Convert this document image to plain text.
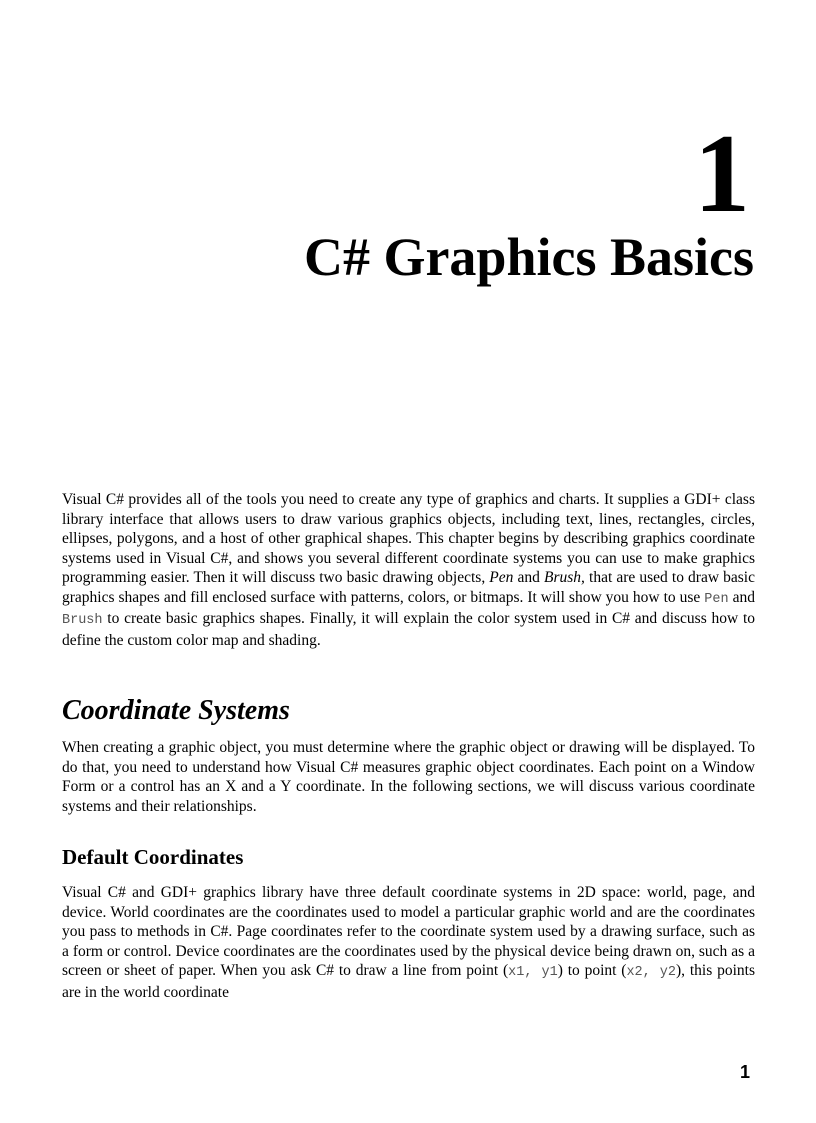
1
C# Graphics Basics

Visual C# provides all of the tools you need to create any type of graphics and charts. It supplies a GDI+ class library interface that allows users to draw various graphics objects, including text, lines, rectangles, circles, ellipses, polygons, and a host of other graphical shapes. This chapter begins by describing graphics coordinate systems used in Visual C#, and shows you several different coordinate systems you can use to make graphics programming easier. Then it will discuss two basic drawing objects, Pen and Brush, that are used to draw basic graphics shapes and fill enclosed surface with patterns, colors, or bitmaps. It will show you how to use Pen and Brush to create basic graphics shapes. Finally, it will explain the color system used in C# and discuss how to define the custom color map and shading.

Coordinate Systems

When creating a graphic object, you must determine where the graphic object or drawing will be displayed. To do that, you need to understand how Visual C# measures graphic object coordinates. Each point on a Window Form or a control has an X and a Y coordinate. In the following sections, we will discuss various coordinate systems and their relationships.

Default Coordinates

Visual C# and GDI+ graphics library have three default coordinate systems in 2D space: world, page, and device. World coordinates are the coordinates used to model a particular graphic world and are the coordinates you pass to methods in C#. Page coordinates refer to the coordinate system used by a drawing surface, such as a form or control. Device coordinates are the coordinates used by the physical device being drawn on, such as a screen or sheet of paper. When you ask C# to draw a line from point (x1, y1) to point (x2, y2), this points are in the world coordinate

1
